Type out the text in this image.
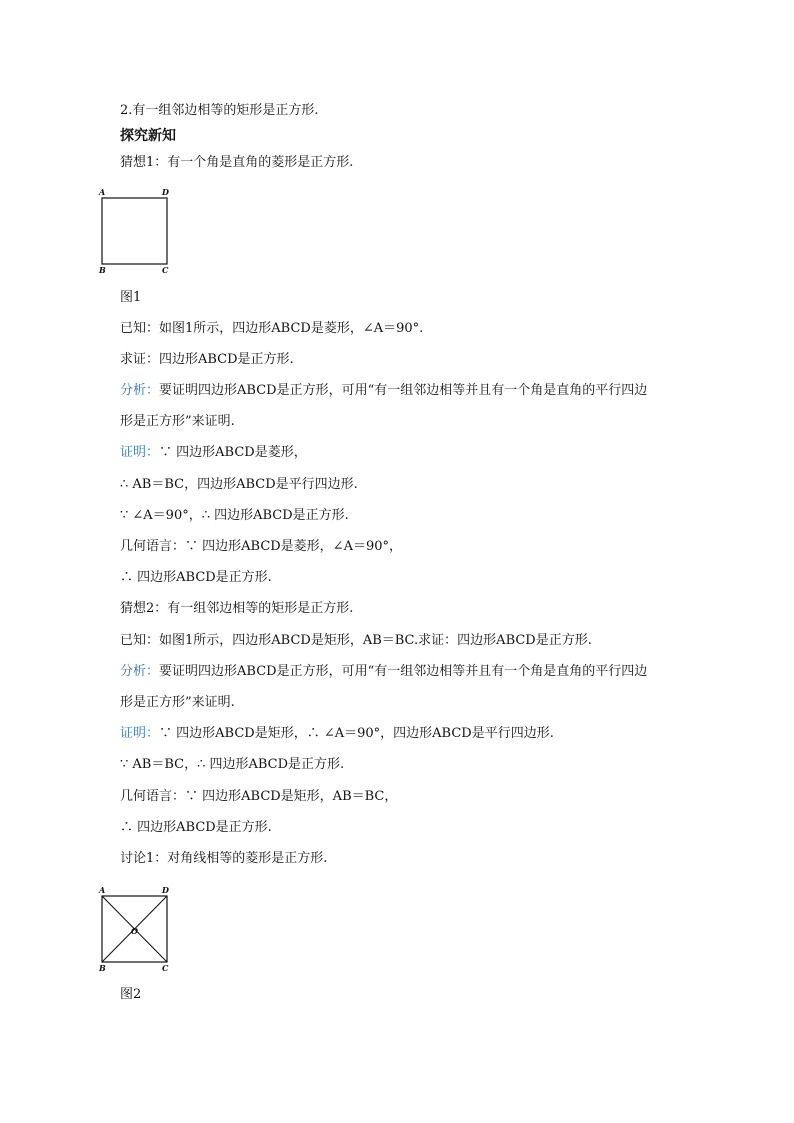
2.有一组邻边相等的矩形是正方形.
探究新知
猜想1：有一个角是直角的菱形是正方形.
A	D
B	C
图1
已知：如图1所示，四边形ABCD是菱形，∠A＝90°.
求证：四边形ABCD是正方形.
分析：要证明四边形ABCD是正方形，可用“有一组邻边相等并且有一个角是直角的平行四边
形是正方形”来证明.
证明：∵ 四边形ABCD是菱形，
∴ AB＝BC，四边形ABCD是平行四边形.
∵ ∠A＝90°，∴ 四边形ABCD是正方形.
几何语言：∵ 四边形ABCD是菱形，∠A＝90°，
∴ 四边形ABCD是正方形.
猜想2：有一组邻边相等的矩形是正方形.
已知：如图1所示，四边形ABCD是矩形，AB＝BC.求证：四边形ABCD是正方形.
分析：要证明四边形ABCD是正方形，可用“有一组邻边相等并且有一个角是直角的平行四边
形是正方形”来证明.
证明：∵ 四边形ABCD是矩形，∴ ∠A＝90°，四边形ABCD是平行四边形.
∵ AB＝BC，∴ 四边形ABCD是正方形.
几何语言：∵ 四边形ABCD是矩形，AB＝BC，
∴ 四边形ABCD是正方形.
讨论1：对角线相等的菱形是正方形.
A	D
B	C
O
图2
